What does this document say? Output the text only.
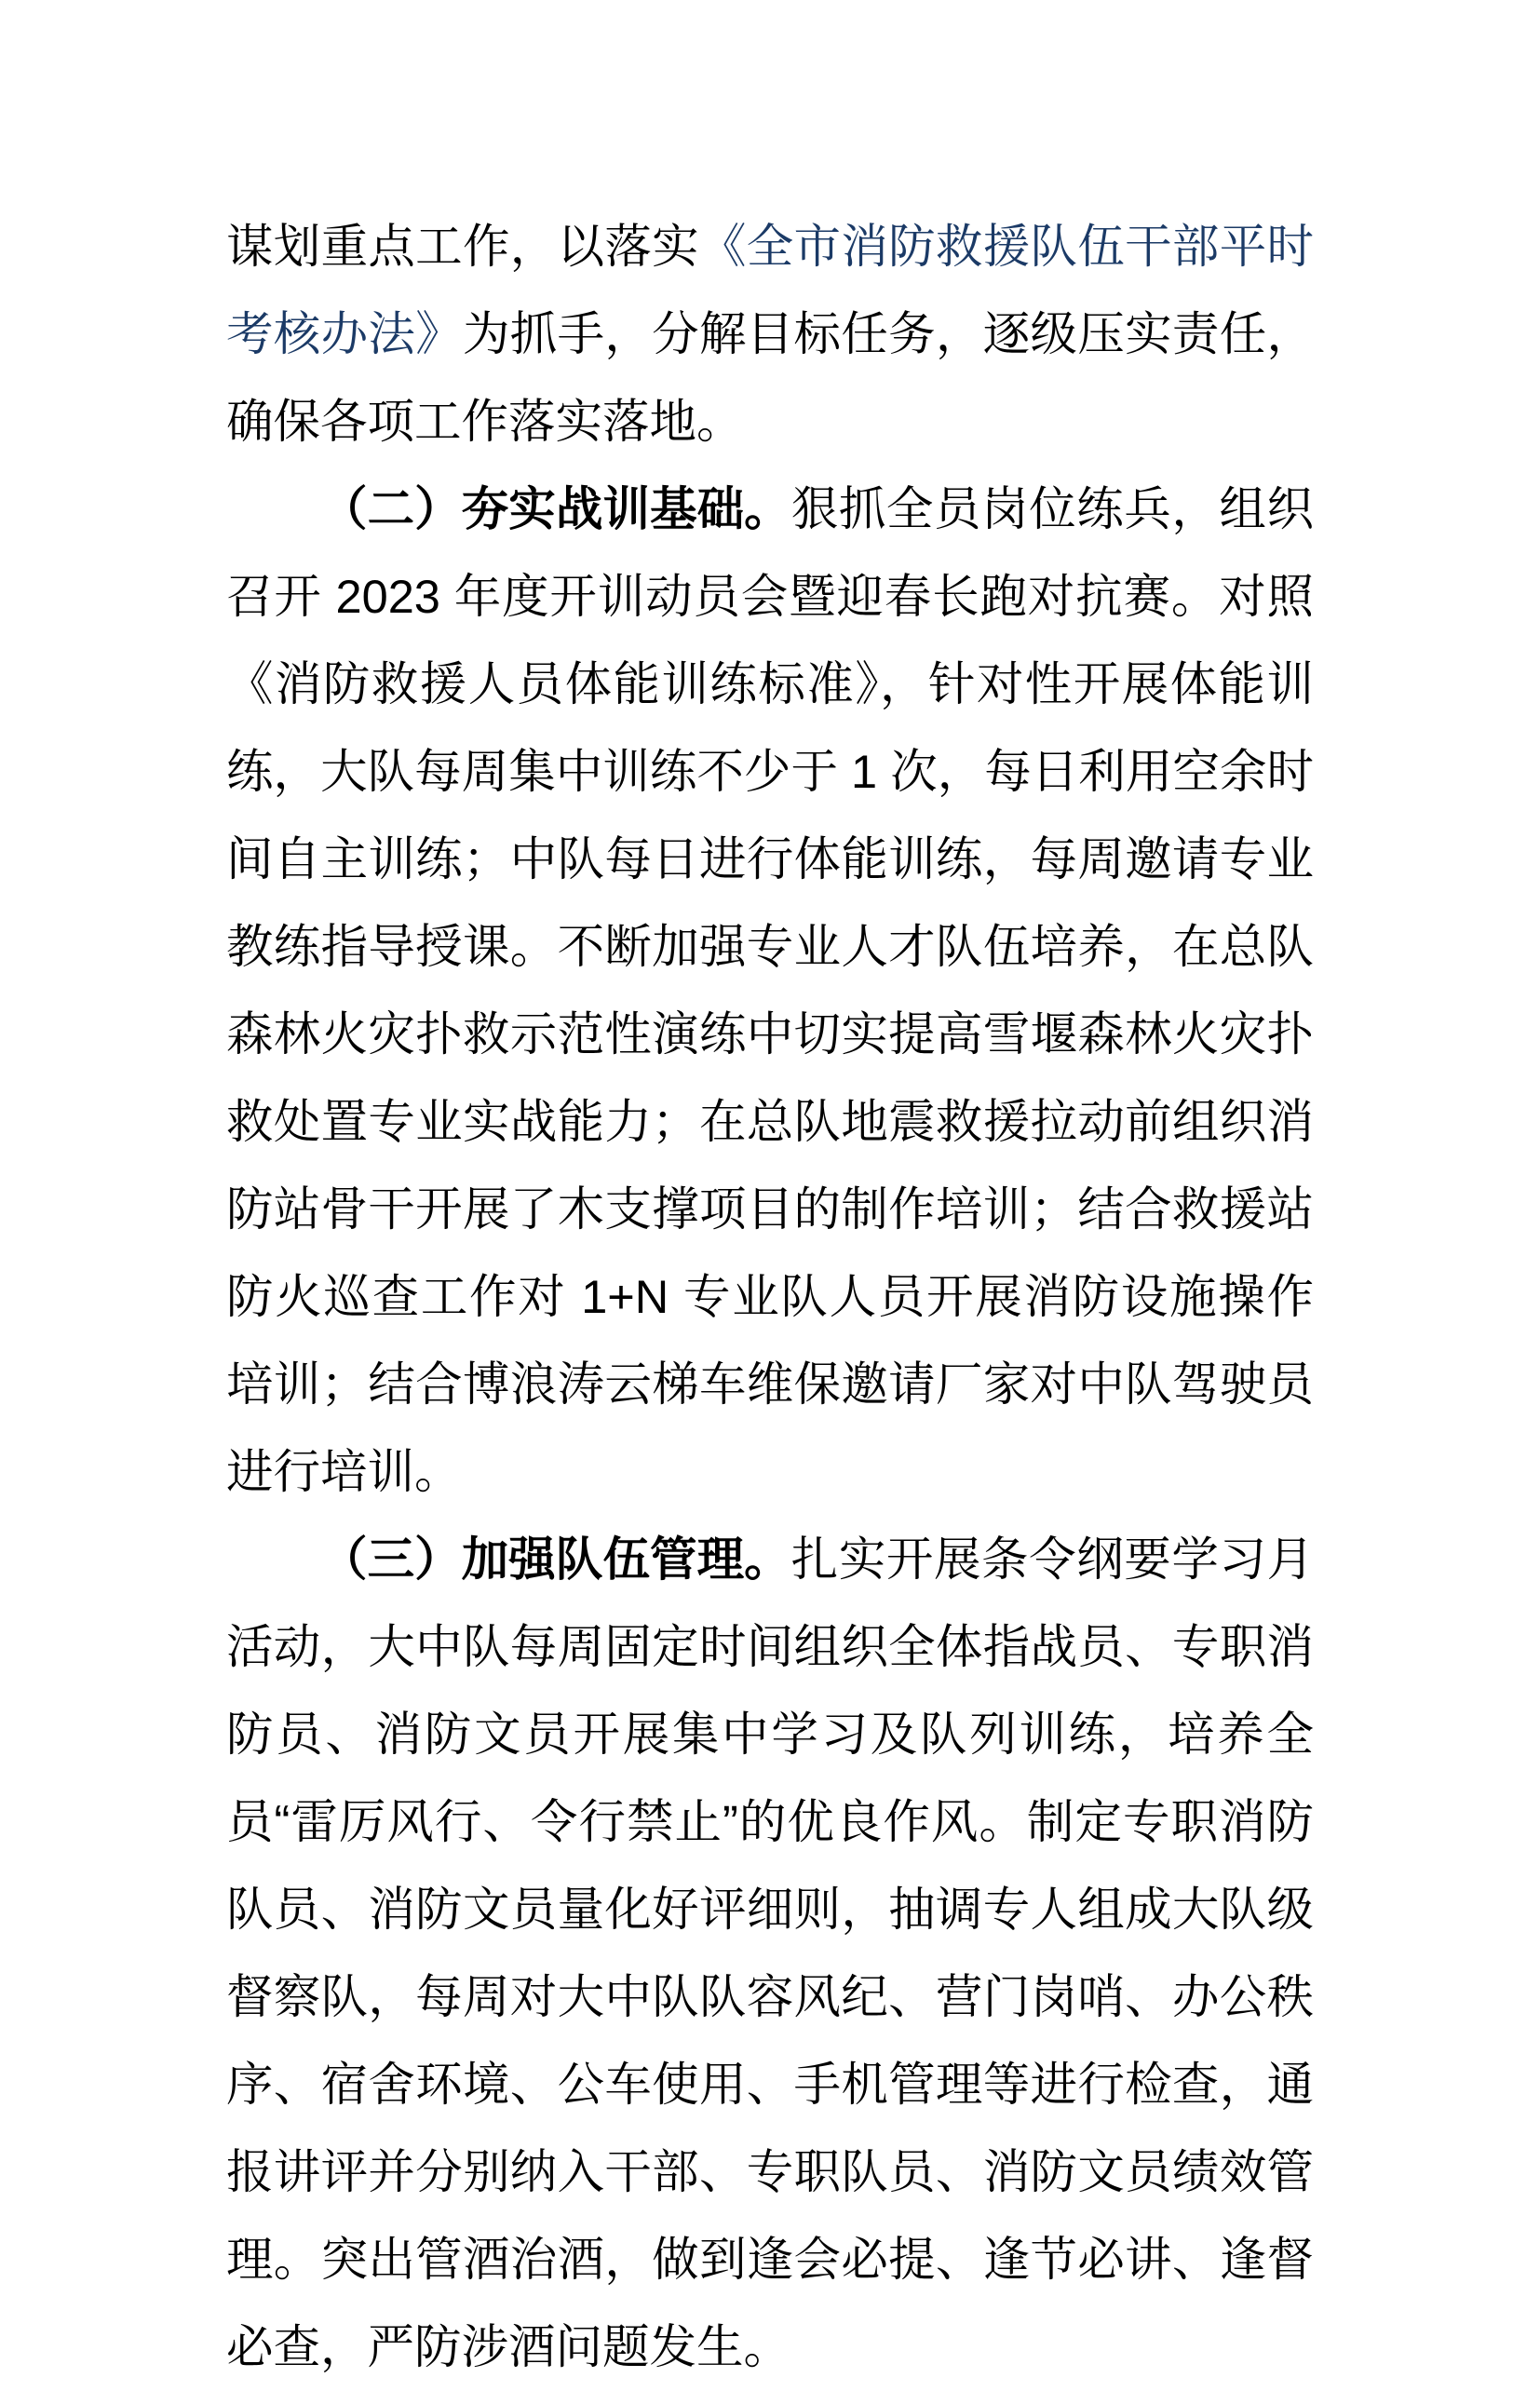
谋划重点工作，以落实《全市消防救援队伍干部平时考核办法》为抓手，分解目标任务，逐级压实责任，确保各项工作落实落地。

（二）夯实战训基础。狠抓全员岗位练兵，组织召开 2023 年度开训动员会暨迎春长跑对抗赛。对照《消防救援人员体能训练标准》，针对性开展体能训练，大队每周集中训练不少于 1 次，每日利用空余时间自主训练；中队每日进行体能训练，每周邀请专业教练指导授课。不断加强专业人才队伍培养，在总队森林火灾扑救示范性演练中切实提高雪堰森林火灾扑救处置专业实战能力；在总队地震救援拉动前组织消防站骨干开展了木支撑项目的制作培训；结合救援站防火巡查工作对 1+N 专业队人员开展消防设施操作培训；结合博浪涛云梯车维保邀请厂家对中队驾驶员进行培训。

（三）加强队伍管理。扎实开展条令纲要学习月活动，大中队每周固定时间组织全体指战员、专职消防员、消防文员开展集中学习及队列训练，培养全员“雷厉风行、令行禁止”的优良作风。制定专职消防队员、消防文员量化好评细则，抽调专人组成大队级督察队，每周对大中队队容风纪、营门岗哨、办公秩序、宿舍环境、公车使用、手机管理等进行检查，通报讲评并分别纳入干部、专职队员、消防文员绩效管理。突出管酒治酒，做到逢会必提、逢节必讲、逢督必查，严防涉酒问题发生。
